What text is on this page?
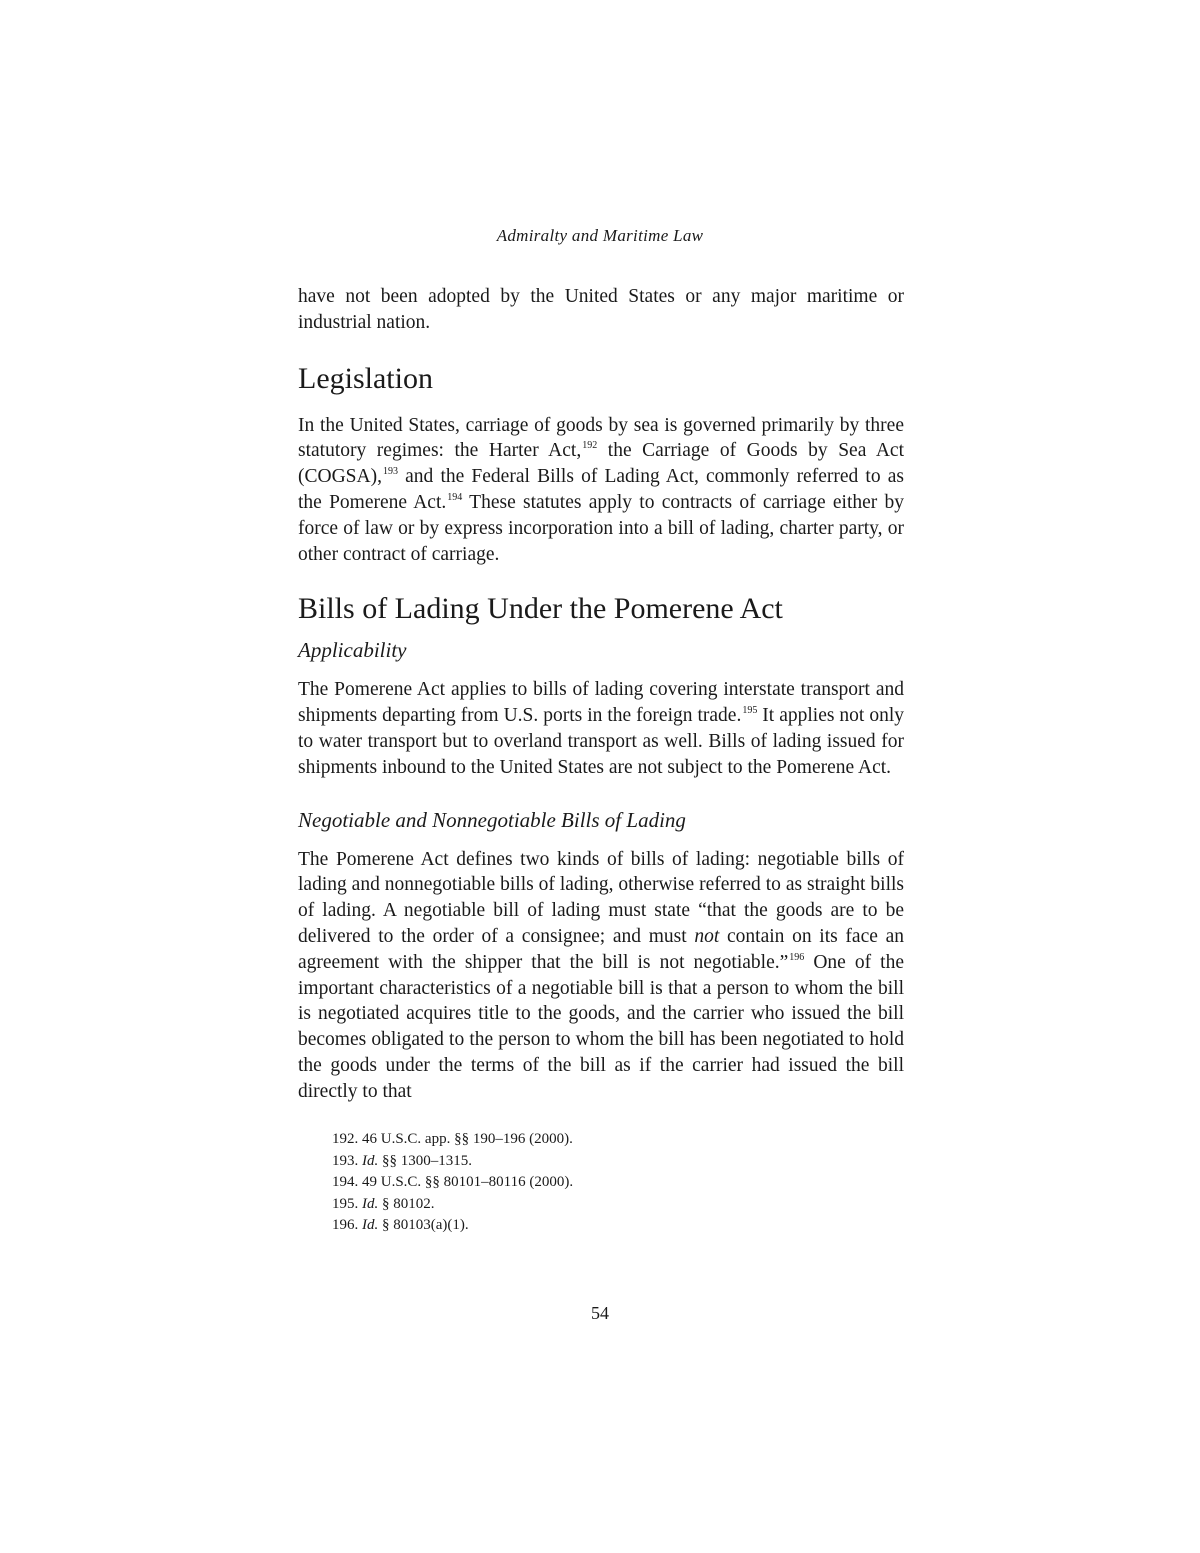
Admiralty and Maritime Law

have not been adopted by the United States or any major maritime or industrial nation.

Legislation

In the United States, carriage of goods by sea is governed primarily by three statutory regimes: the Harter Act,$^{192}$ the Carriage of Goods by Sea Act (COGSA),$^{193}$ and the Federal Bills of Lading Act, commonly referred to as the Pomerene Act.$^{194}$ These statutes apply to contracts of carriage either by force of law or by express incorporation into a bill of lading, charter party, or other contract of carriage.

Bills of Lading Under the Pomerene Act
Applicability

The Pomerene Act applies to bills of lading covering interstate transport and shipments departing from U.S. ports in the foreign trade.$^{195}$ It applies not only to water transport but to overland transport as well. Bills of lading issued for shipments inbound to the United States are not subject to the Pomerene Act.

Negotiable and Nonnegotiable Bills of Lading

The Pomerene Act defines two kinds of bills of lading: negotiable bills of lading and nonnegotiable bills of lading, otherwise referred to as straight bills of lading. A negotiable bill of lading must state “that the goods are to be delivered to the order of a consignee; and must not contain on its face an agreement with the shipper that the bill is not negotiable.”$^{196}$ One of the important characteristics of a negotiable bill is that a person to whom the bill is negotiated acquires title to the goods, and the carrier who issued the bill becomes obligated to the person to whom the bill has been negotiated to hold the goods under the terms of the bill as if the carrier had issued the bill directly to that

192. 46 U.S.C. app. §§ 190–196 (2000).

193. Id. §§ 1300–1315.

194. 49 U.S.C. §§ 80101–80116 (2000).

195. Id. § 80102.

196. Id. § 80103(a)(1).

54
